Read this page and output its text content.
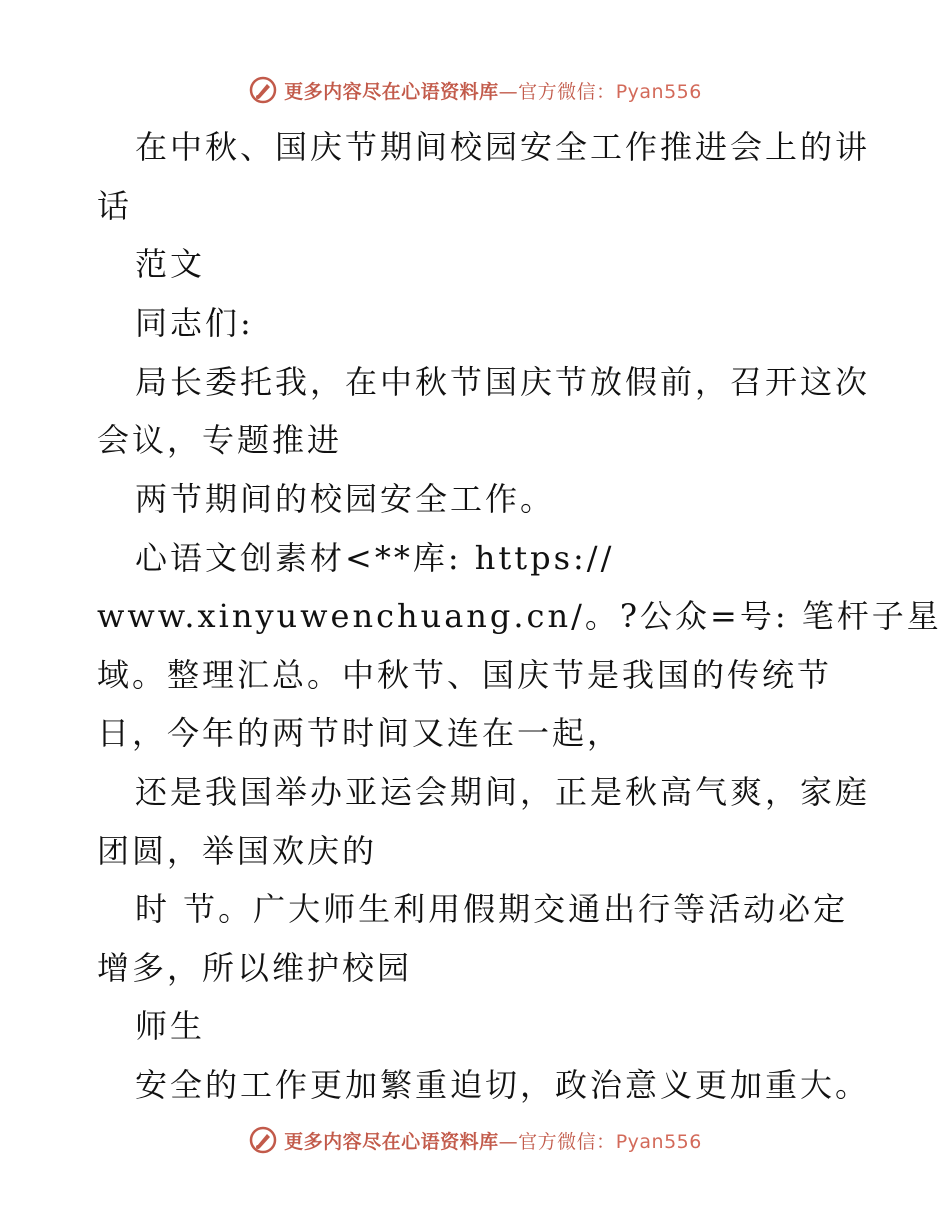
更多内容尽在心语资料库—官方微信：Pyan556
在中秋、国庆节期间校园安全工作推进会上的讲
话
范文
同志们:
局长委托我，在中秋节国庆节放假前，召开这次
会议，专题推进
两节期间的校园安全工作。
心语文创素材<**库: https://
www.xinyuwenchuang.cn/。?公众=号: 笔杆子星
域。整理汇总。中秋节、国庆节是我国的传统节
日，今年的两节时间又连在一起，
还是我国举办亚运会期间，正是秋高气爽，家庭
团圆，举国欢庆的
时 节。广大师生利用假期交通出行等活动必定
增多，所以维护校园
师生
安全的工作更加繁重迫切，政治意义更加重大。
更多内容尽在心语资料库—官方微信：Pyan556
